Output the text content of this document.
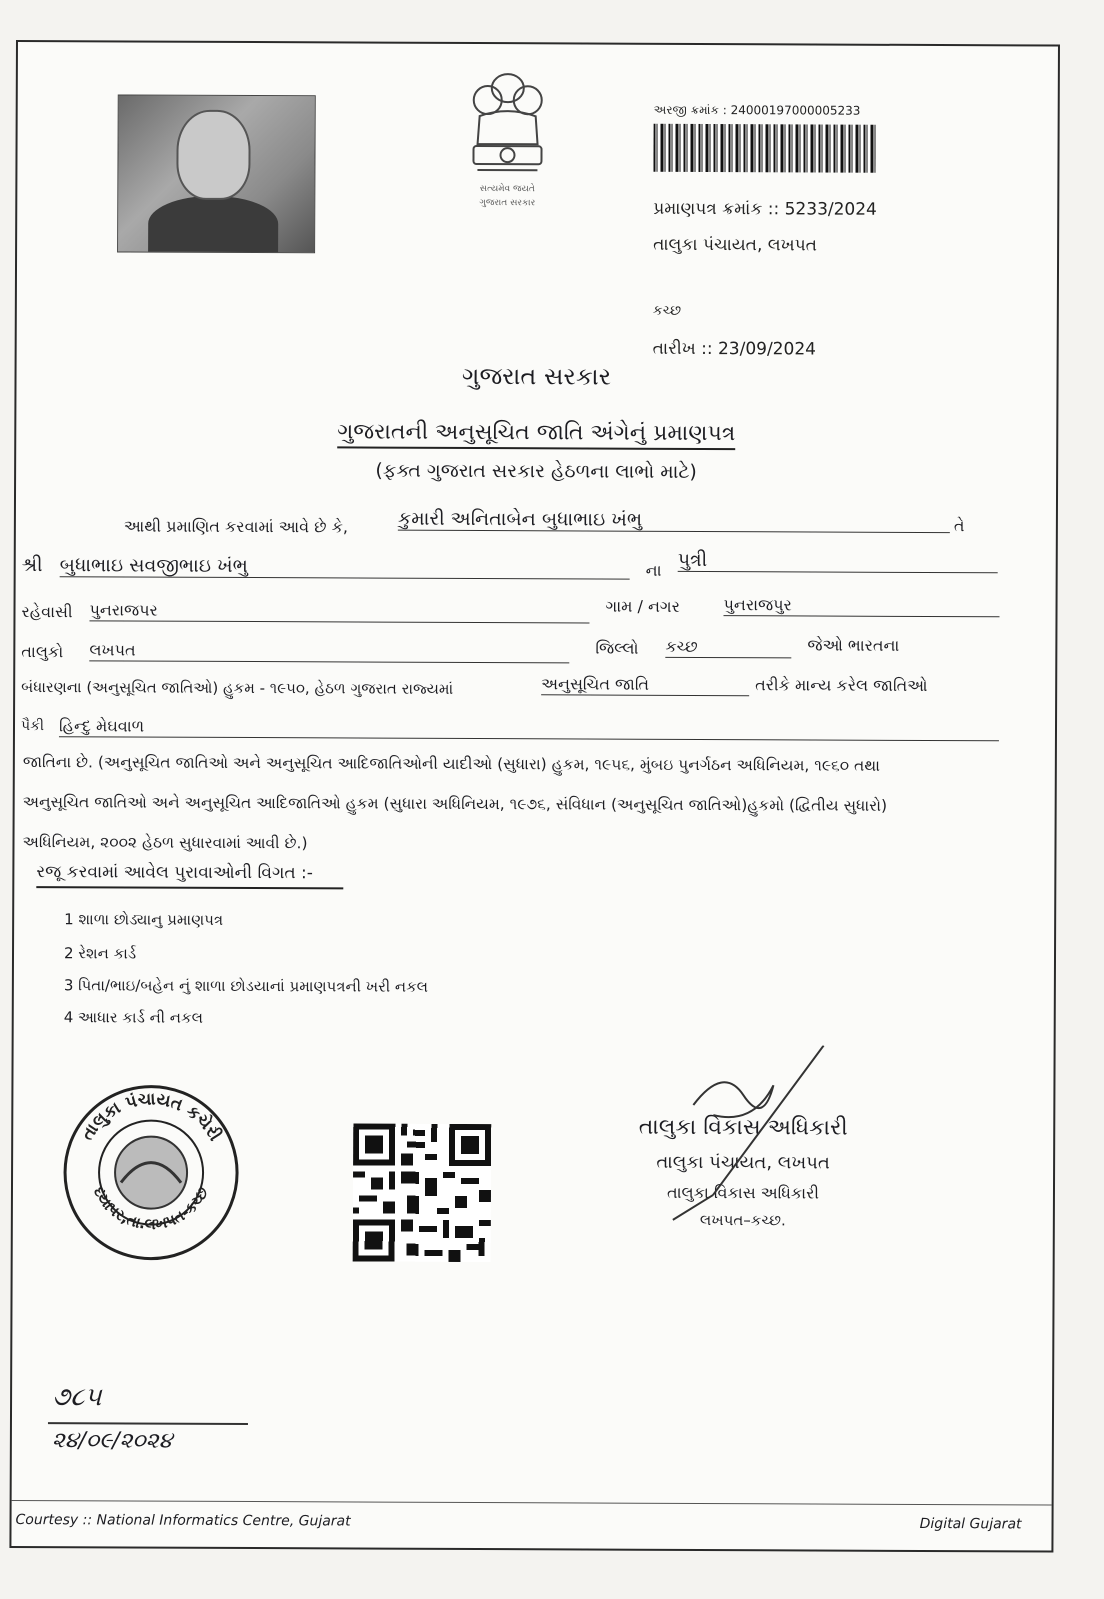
સત્યમેવ જયતે
ગુજરાત સરકાર
અરજી ક્રમાંક : 24000197000005233
પ્રમાણપત્ર ક્રમાંક :: 5233/2024
તાલુકા પંચાયત, લખપત
કચ્છ
તારીખ :: 23/09/2024
ગુજરાત સરકાર
ગુજરાતની અનુસૂચિત જાતિ અંગેનું પ્રમાણપત્ર
(ફક્ત ગુજરાત સરકાર હેઠળના લાભો માટે)
આથી પ્રમાણિત કરવામાં આવે છે કે,	કુમારી અનિતાબેન બુધાભાઇ ખંભુ	તે
શ્રી બુધાભાઇ સવજીભાઇ ખંભુ	ના પુત્રી
રહેવાસી પુનરાજપર	ગામ / નગર	પુનરાજપુર
તાલુકો લખપત	જિલ્લો કચ્છ	જેઓ ભારતના
બંધારણના (અનુસૂચિત જાતિઓ) હુકમ - ૧૯૫૦, હેઠળ ગુજરાત રાજ્યમાં	અનુસૂચિત જાતિ	તરીકે માન્ય કરેલ જાતિઓ
પૈકી હિન્દુ મેઘવાળ
જાતિના છે. (અનુસૂચિત જાતિઓ અને અનુસૂચિત આદિજાતિઓની યાદીઓ (સુધારા) હુકમ, ૧૯૫૬, મુંબઇ પુનર્ગઠન અધિનિયમ, ૧૯૬૦ તથા
અનુસૂચિત જાતિઓ અને અનુસૂચિત આદિજાતિઓ હુકમ (સુધારા અધિનિયમ, ૧૯૭૬, સંવિધાન (અનુસૂચિત જાતિઓ)હુકમો (દ્વિતીય સુધારો)
અધિનિયમ, ૨૦૦૨ હેઠળ સુધારવામાં આવી છે.)
રજૂ કરવામાં આવેલ પુરાવાઓની વિગત :-
1 શાળા છોડ્યાનુ પ્રમાણપત્ર
2 રેશન કાર્ડ
3 પિતા/ભાઇ/બહેન નું શાળા છોડયાનાં પ્રમાણપત્રની ખરી નકલ
4 આધાર કાર્ડ ની નકલ
તાલુકા પંચાયત કચેરી
દયાપર,તા.લખપત-કચ્છ
તાલુકા વિકાસ અધિકારી
તાલુકા પંચાયત, લખપત
તાલુકા વિકાસ અધિકારી
લખપત–કચ્છ.
૭૮૫
૨૪/૦૯/૨૦૨૪
Courtesy :: National Informatics Centre, Gujarat	Digital Gujarat
